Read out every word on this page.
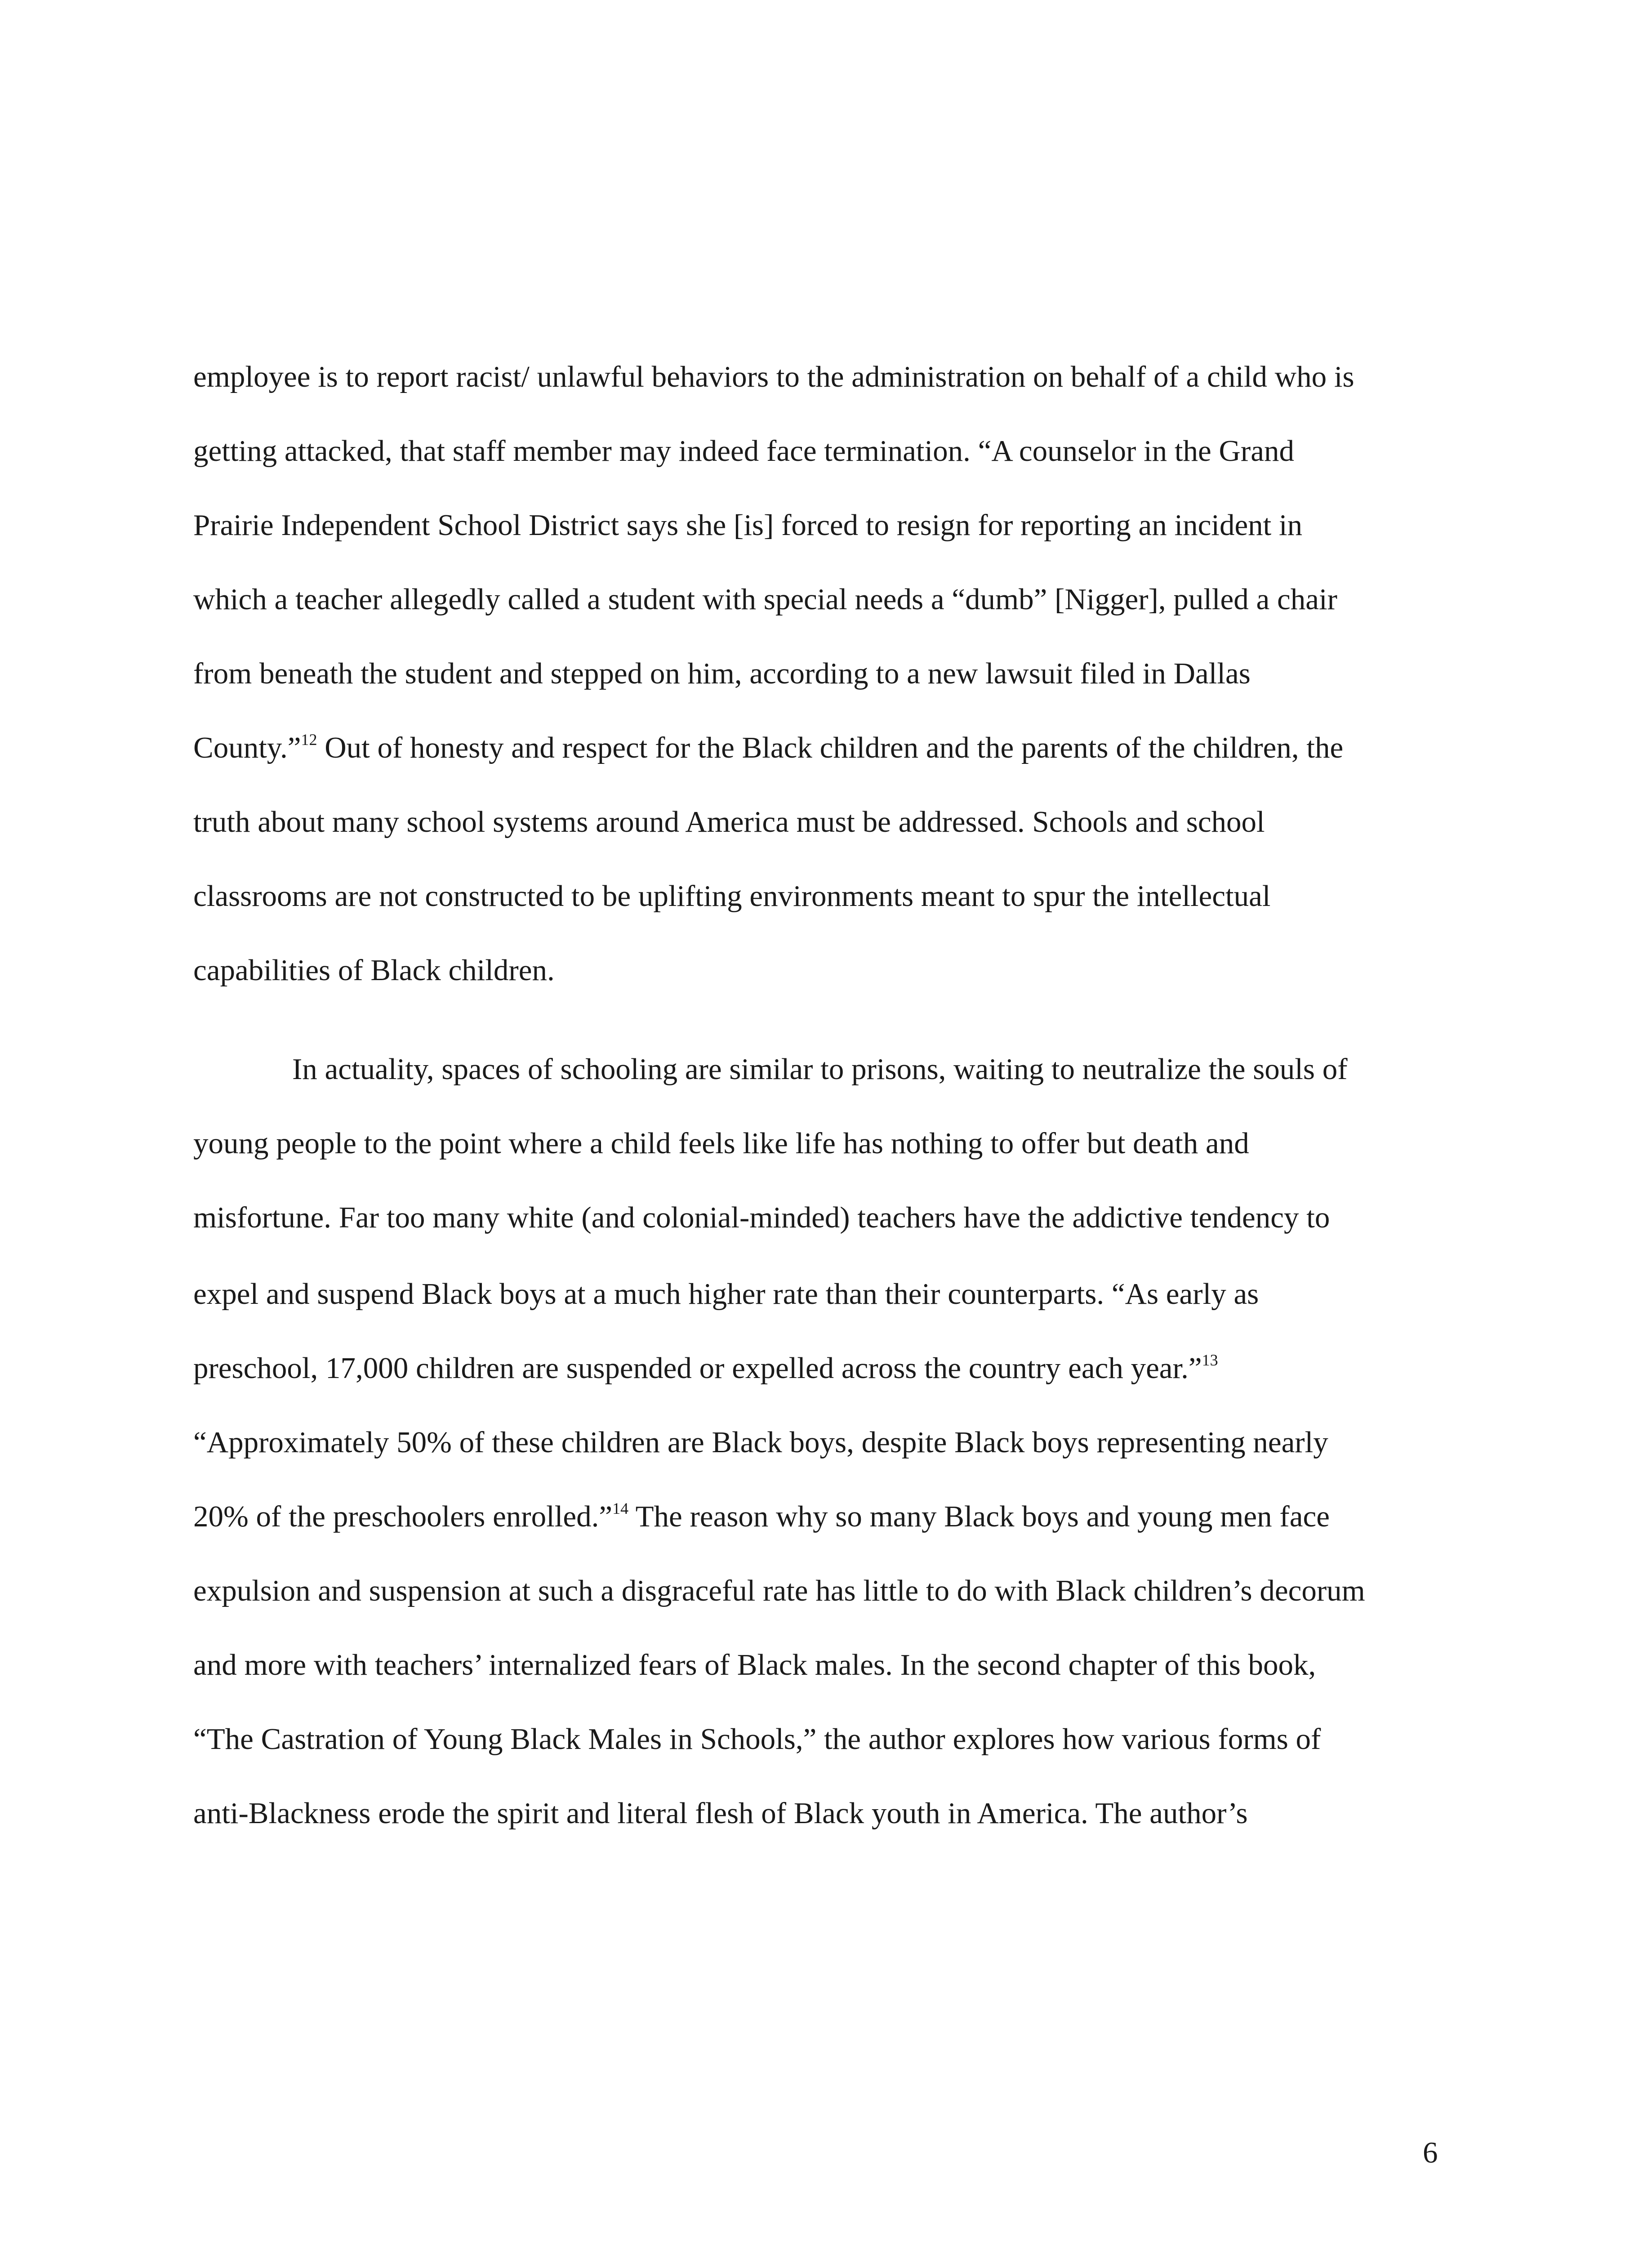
employee is to report racist/ unlawful behaviors to the administration on behalf of a child who is
getting attacked, that staff member may indeed face termination. “A counselor in the Grand
Prairie Independent School District says she [is] forced to resign for reporting an incident in
which a teacher allegedly called a student with special needs a “dumb” [Nigger], pulled a chair
from beneath the student and stepped on him, according to a new lawsuit filed in Dallas
County.”$^{12}$ Out of honesty and respect for the Black children and the parents of the children, the
truth about many school systems around America must be addressed. Schools and school
classrooms are not constructed to be uplifting environments meant to spur the intellectual
capabilities of Black children.
In actuality, spaces of schooling are similar to prisons, waiting to neutralize the souls of
young people to the point where a child feels like life has nothing to offer but death and
misfortune. Far too many white (and colonial-minded) teachers have the addictive tendency to
expel and suspend Black boys at a much higher rate than their counterparts. “As early as
preschool, 17,000 children are suspended or expelled across the country each year.”$^{13}$
“Approximately 50% of these children are Black boys, despite Black boys representing nearly
20% of the preschoolers enrolled.”$^{14}$ The reason why so many Black boys and young men face
expulsion and suspension at such a disgraceful rate has little to do with Black children’s decorum
and more with teachers’ internalized fears of Black males. In the second chapter of this book,
“The Castration of Young Black Males in Schools,” the author explores how various forms of
anti-Blackness erode the spirit and literal flesh of Black youth in America. The author’s
6
